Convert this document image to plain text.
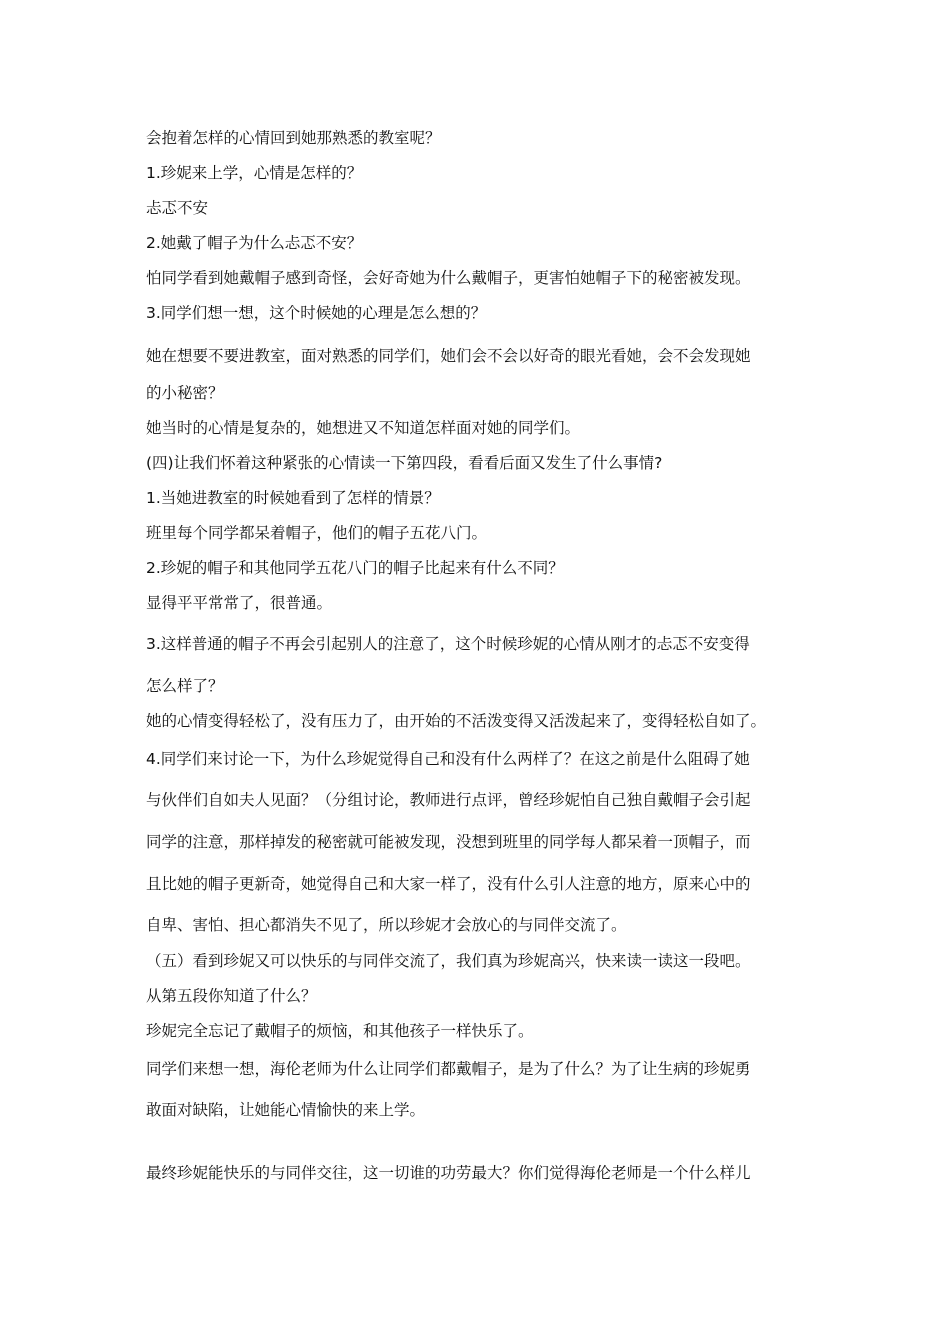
会抱着怎样的心情回到她那熟悉的教室呢？
1.珍妮来上学，心情是怎样的？
忐忑不安
2.她戴了帽子为什么忐忑不安？
怕同学看到她戴帽子感到奇怪，会好奇她为什么戴帽子，更害怕她帽子下的秘密被发现。
3.同学们想一想，这个时候她的心理是怎么想的？
她在想要不要进教室，面对熟悉的同学们，她们会不会以好奇的眼光看她，会不会发现她
的小秘密？
她当时的心情是复杂的，她想进又不知道怎样面对她的同学们。
(四)让我们怀着这种紧张的心情读一下第四段，看看后面又发生了什么事情?
1.当她进教室的时候她看到了怎样的情景？
班里每个同学都呆着帽子，他们的帽子五花八门。
2.珍妮的帽子和其他同学五花八门的帽子比起来有什么不同？
显得平平常常了，很普通。
3.这样普通的帽子不再会引起别人的注意了，这个时候珍妮的心情从刚才的忐忑不安变得
怎么样了？
她的心情变得轻松了，没有压力了，由开始的不活泼变得又活泼起来了，变得轻松自如了。
4.同学们来讨论一下，为什么珍妮觉得自己和没有什么两样了？在这之前是什么阻碍了她
与伙伴们自如夫人见面？（分组讨论，教师进行点评，曾经珍妮怕自己独自戴帽子会引起
同学的注意，那样掉发的秘密就可能被发现，没想到班里的同学每人都呆着一顶帽子，而
且比她的帽子更新奇，她觉得自己和大家一样了，没有什么引人注意的地方，原来心中的
自卑、害怕、担心都消失不见了，所以珍妮才会放心的与同伴交流了。
（五）看到珍妮又可以快乐的与同伴交流了，我们真为珍妮高兴，快来读一读这一段吧。
从第五段你知道了什么？
珍妮完全忘记了戴帽子的烦恼，和其他孩子一样快乐了。
同学们来想一想，海伦老师为什么让同学们都戴帽子，是为了什么？为了让生病的珍妮勇
敢面对缺陷，让她能心情愉快的来上学。
最终珍妮能快乐的与同伴交往，这一切谁的功劳最大？你们觉得海伦老师是一个什么样儿
